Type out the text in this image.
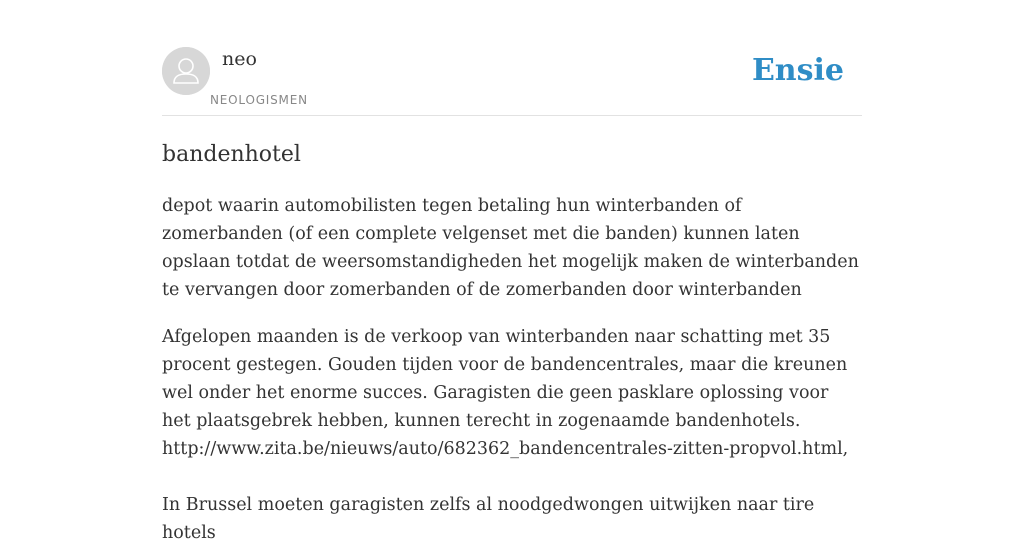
neo
NEOLOGISMEN
Ensie
bandenhotel
depot waarin automobilisten tegen betaling hun winterbanden of zomerbanden (of een complete velgenset met die banden) kunnen laten opslaan totdat de weersomstandigheden het mogelijk maken de winterbanden te vervangen door zomerbanden of de zomerbanden door winterbanden

Afgelopen maanden is de verkoop van winterbanden naar schatting met 35 procent gestegen. Gouden tijden voor de bandencentrales, maar die kreunen wel onder het enorme succes. Garagisten die geen pasklare oplossing voor het plaatsgebrek hebben, kunnen terecht in zogenaamde bandenhotels. http://www.zita.be/nieuws/auto/682362_bandencentrales-zitten-propvol.html,

In Brussel moeten garagisten zelfs al noodgedwongen uitwijken naar tire hotels
